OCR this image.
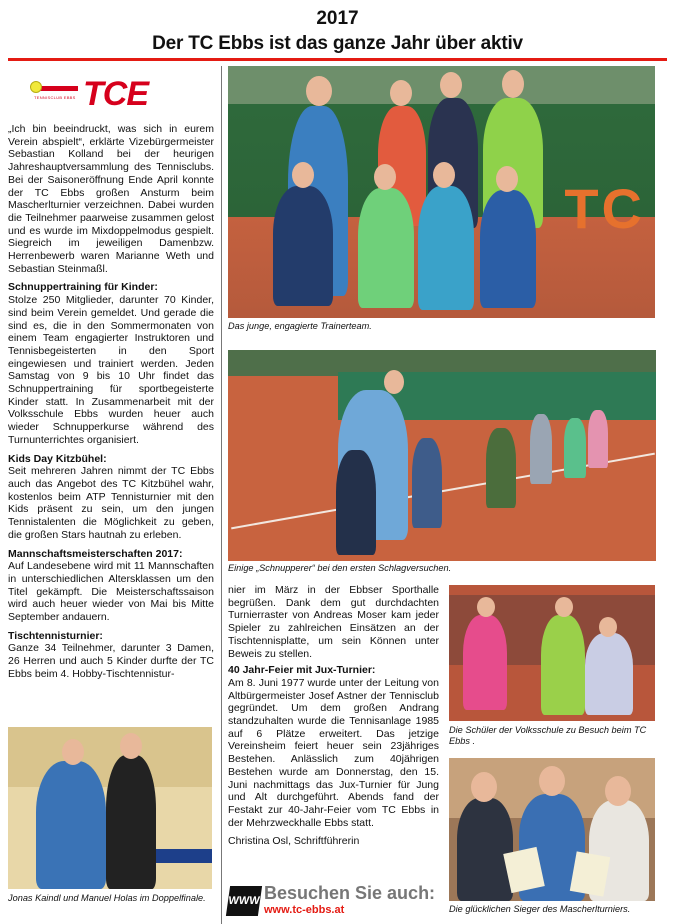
2017
Der TC Ebbs ist das ganze Jahr über aktiv
TENNISCLUB EBBS TCE

„Ich bin beeindruckt, was sich in eurem Verein abspielt“, erklärte Vizebürgermeister Sebastian Kolland bei der heurigen Jahreshauptversammlung des Tennisclubs. Bei der Saisoneröffnung Ende April konnte der TC Ebbs großen Ansturm beim Mascherlturnier verzeichnen. Dabei wurden die Teilnehmer paarweise zusammen gelost und es wurde im Mixdoppelmodus gespielt. Siegreich im jeweiligen Damenbzw. Herrenbewerb waren Marianne Weth und Sebastian Steinmaßl.

Schnuppertraining für Kinder:

Stolze 250 Mitglieder, darunter 70 Kinder, sind beim Verein gemeldet. Und gerade die sind es, die in den Sommermonaten von einem Team engagierter Instruktoren und Tennisbegeisterten in den Sport eingewiesen und trainiert werden. Jeden Samstag von 9 bis 10 Uhr findet das Schnuppertraining für sportbegeisterte Kinder statt. In Zusammenarbeit mit der Volksschule Ebbs wurden heuer auch wieder Schnupperkurse während des Turnunterrichtes organisiert.

Kids Day Kitzbühel:

Seit mehreren Jahren nimmt der TC Ebbs auch das Angebot des TC Kitzbühel wahr, kostenlos beim ATP Tennisturnier mit den Kids präsent zu sein, um den jungen Tennistalenten die Möglichkeit zu geben, die großen Stars hautnah zu erleben.

Mannschaftsmeisterschaften 2017:

Auf Landesebene wird mit 11 Mannschaften in unterschiedlichen Altersklassen um den Titel gekämpft. Die Meisterschaftssaison wird auch heuer wieder von Mai bis Mitte September andauern.

Tischtennisturnier:

Ganze 34 Teilnehmer, darunter 3 Damen, 26 Herren und auch 5 Kinder durfte der TC Ebbs beim 4. Hobby-Tischtennistur-

TC
Das junge, engagierte Trainerteam.
Einige „Schnupperer“ bei den ersten Schlagversuchen.

nier im März in der Ebbser Sporthalle begrüßen. Dank dem gut durchdachten Turnierraster von Andreas Moser kam jeder Spieler zu zahlreichen Einsätzen an der Tischtennisplatte, um sein Können unter Beweis zu stellen.

40 Jahr-Feier mit Jux-Turnier:

Am 8. Juni 1977 wurde unter der Leitung von Altbürgermeister Josef Astner der Tennisclub gegründet. Um dem großen Andrang standzuhalten wurde die Tennisanlage 1985 auf 6 Plätze erweitert. Das jetzige Vereinsheim feiert heuer sein 23jähriges Bestehen. Anlässlich zum 40jährigen Bestehen wurde am Donnerstag, den 15. Juni nachmittags das Jux-Turnier für Jung und Alt durchgeführt. Abends fand der Festakt zur 40-Jahr-Feier vom TC Ebbs in der Mehrzweckhalle Ebbs statt.

Christina Osl, Schriftführerin

Die Schüler der Volksschule zu Besuch beim TC Ebbs .
Jonas Kaindl und Manuel Holas im Doppelfinale.
Die glücklichen Sieger des Mascherlturniers.
WWW Besuchen Sie auch:
www.tc-ebbs.at
